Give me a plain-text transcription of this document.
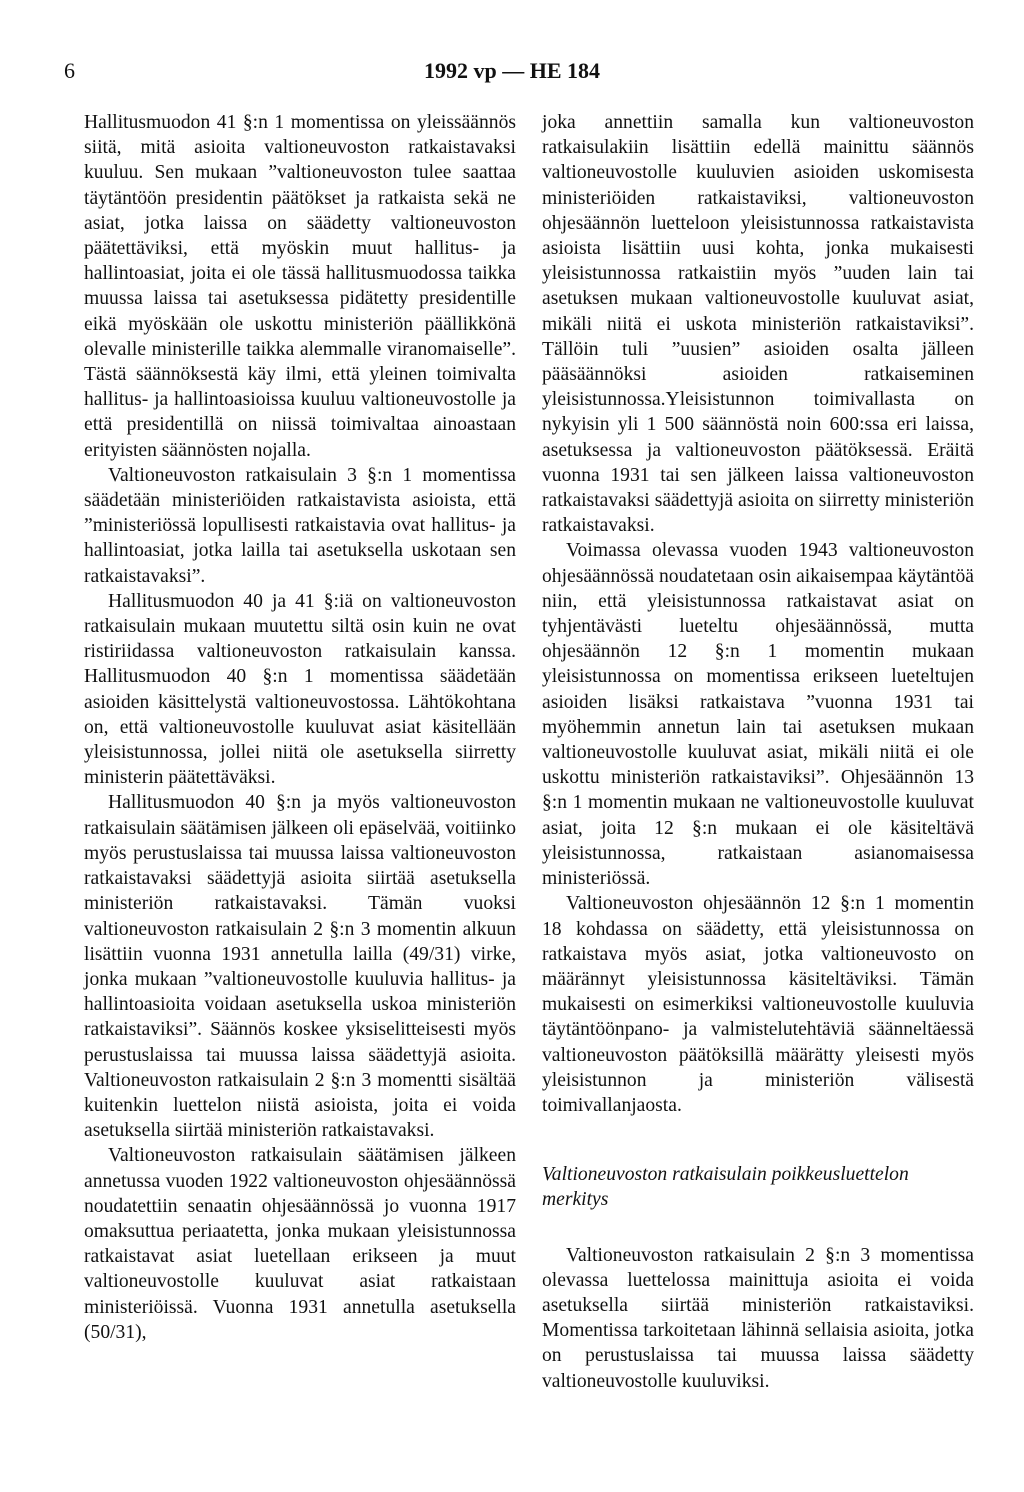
6	1992 vp — HE 184

Hallitusmuodon 41 §:n 1 momentissa on yleissäännös siitä, mitä asioita valtioneuvoston ratkaistavaksi kuuluu. Sen mukaan ”valtioneuvoston tulee saattaa täytäntöön presidentin päätökset ja ratkaista sekä ne asiat, jotka laissa on säädetty valtioneuvoston päätettäviksi, että myöskin muut hallitus- ja hallintoasiat, joita ei ole tässä hallitusmuodossa taikka muussa laissa tai asetuksessa pidätetty presidentille eikä myöskään ole uskottu ministeriön päällikkönä olevalle ministerille taikka alemmalle viranomaiselle”. Tästä säännöksestä käy ilmi, että yleinen toimivalta hallitus- ja hallintoasioissa kuuluu valtioneuvostolle ja että presidentillä on niissä toimivaltaa ainoastaan erityisten säännösten nojalla.

Valtioneuvoston ratkaisulain 3 §:n 1 momentissa säädetään ministeriöiden ratkaistavista asioista, että ”ministeriössä lopullisesti ratkaistavia ovat hallitus- ja hallintoasiat, jotka lailla tai asetuksella uskotaan sen ratkaistavaksi”.

Hallitusmuodon 40 ja 41 §:iä on valtioneuvoston ratkaisulain mukaan muutettu siltä osin kuin ne ovat ristiriidassa valtioneuvoston ratkaisulain kanssa. Hallitusmuodon 40 §:n 1 momentissa säädetään asioiden käsittelystä valtioneuvostossa. Lähtökohtana on, että valtioneuvostolle kuuluvat asiat käsitellään yleisistunnossa, jollei niitä ole asetuksella siirretty ministerin päätettäväksi.

Hallitusmuodon 40 §:n ja myös valtioneuvoston ratkaisulain säätämisen jälkeen oli epäselvää, voitiinko myös perustuslaissa tai muussa laissa valtioneuvoston ratkaistavaksi säädettyjä asioita siirtää asetuksella ministeriön ratkaistavaksi. Tämän vuoksi valtioneuvoston ratkaisulain 2 §:n 3 momentin alkuun lisättiin vuonna 1931 annetulla lailla (49/31) virke, jonka mukaan ”valtioneuvostolle kuuluvia hallitus- ja hallintoasioita voidaan asetuksella uskoa ministeriön ratkaistaviksi”. Säännös koskee yksiselitteisesti myös perustuslaissa tai muussa laissa säädettyjä asioita. Valtioneuvoston ratkaisulain 2 §:n 3 momentti sisältää kuitenkin luettelon niistä asioista, joita ei voida asetuksella siirtää ministeriön ratkaistavaksi.

Valtioneuvoston ratkaisulain säätämisen jälkeen annetussa vuoden 1922 valtioneuvoston ohjesäännössä noudatettiin senaatin ohjesäännössä jo vuonna 1917 omaksuttua periaatetta, jonka mukaan yleisistunnossa ratkaistavat asiat luetellaan erikseen ja muut valtioneuvostolle kuuluvat asiat ratkaistaan ministeriöissä. Vuonna 1931 annetulla asetuksella (50/31),

joka annettiin samalla kun valtioneuvoston ratkaisulakiin lisättiin edellä mainittu säännös valtioneuvostolle kuuluvien asioiden uskomisesta ministeriöiden ratkaistaviksi, valtioneuvoston ohjesäännön luetteloon yleisistunnossa ratkaistavista asioista lisättiin uusi kohta, jonka mukaisesti yleisistunnossa ratkaistiin myös ”uuden lain tai asetuksen mukaan valtioneuvostolle kuuluvat asiat, mikäli niitä ei uskota ministeriön ratkaistaviksi”. Tällöin tuli ”uusien” asioiden osalta jälleen pääsäännöksi asioiden ratkaiseminen yleisistunnossa.Yleisistunnon toimivallasta on nykyisin yli 1 500 säännöstä noin 600:ssa eri laissa, asetuksessa ja valtioneuvoston päätöksessä. Eräitä vuonna 1931 tai sen jälkeen laissa valtioneuvoston ratkaistavaksi säädettyjä asioita on siirretty ministeriön ratkaistavaksi.

Voimassa olevassa vuoden 1943 valtioneuvoston ohjesäännössä noudatetaan osin aikaisempaa käytäntöä niin, että yleisistunnossa ratkaistavat asiat on tyhjentävästi lueteltu ohjesäännössä, mutta ohjesäännön 12 §:n 1 momentin mukaan yleisistunnossa on momentissa erikseen lueteltujen asioiden lisäksi ratkaistava ”vuonna 1931 tai myöhemmin annetun lain tai asetuksen mukaan valtioneuvostolle kuuluvat asiat, mikäli niitä ei ole uskottu ministeriön ratkaistaviksi”. Ohjesäännön 13 §:n 1 momentin mukaan ne valtioneuvostolle kuuluvat asiat, joita 12 §:n mukaan ei ole käsiteltävä yleisistunnossa, ratkaistaan asianomaisessa ministeriössä.

Valtioneuvoston ohjesäännön 12 §:n 1 momentin 18 kohdassa on säädetty, että yleisistunnossa on ratkaistava myös asiat, jotka valtioneuvosto on määrännyt yleisistunnossa käsiteltäviksi. Tämän mukaisesti on esimerkiksi valtioneuvostolle kuuluvia täytäntöönpano- ja valmistelutehtäviä säänneltäessä valtioneuvoston päätöksillä määrätty yleisesti myös yleisistunnon ja ministeriön välisestä toimivallanjaosta.

Valtioneuvoston ratkaisulain poikkeusluettelon merkitys

Valtioneuvoston ratkaisulain 2 §:n 3 momentissa olevassa luettelossa mainittuja asioita ei voida asetuksella siirtää ministeriön ratkaistaviksi. Momentissa tarkoitetaan lähinnä sellaisia asioita, jotka on perustuslaissa tai muussa laissa säädetty valtioneuvostolle kuuluviksi.
